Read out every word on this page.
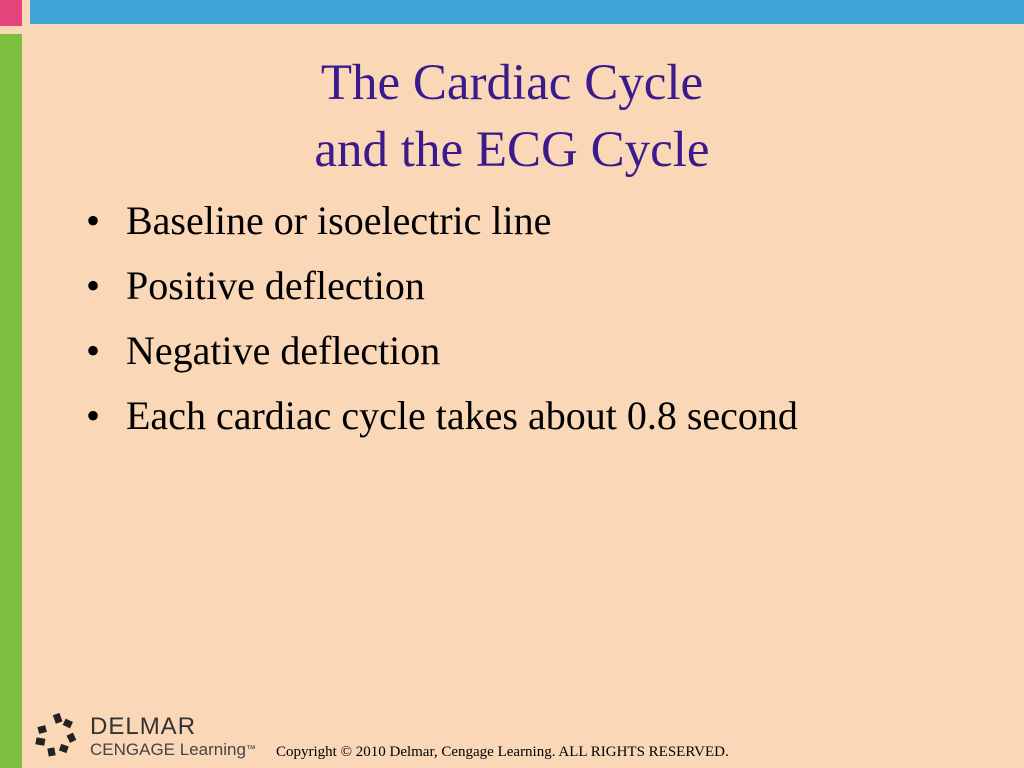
The Cardiac Cycle
and the ECG Cycle
• Baseline or isoelectric line
• Positive deflection
• Negative deflection
• Each cardiac cycle takes about 0.8 second
DELMAR
CENGAGE Learning™ Copyright © 2010 Delmar, Cengage Learning. ALL RIGHTS RESERVED.
